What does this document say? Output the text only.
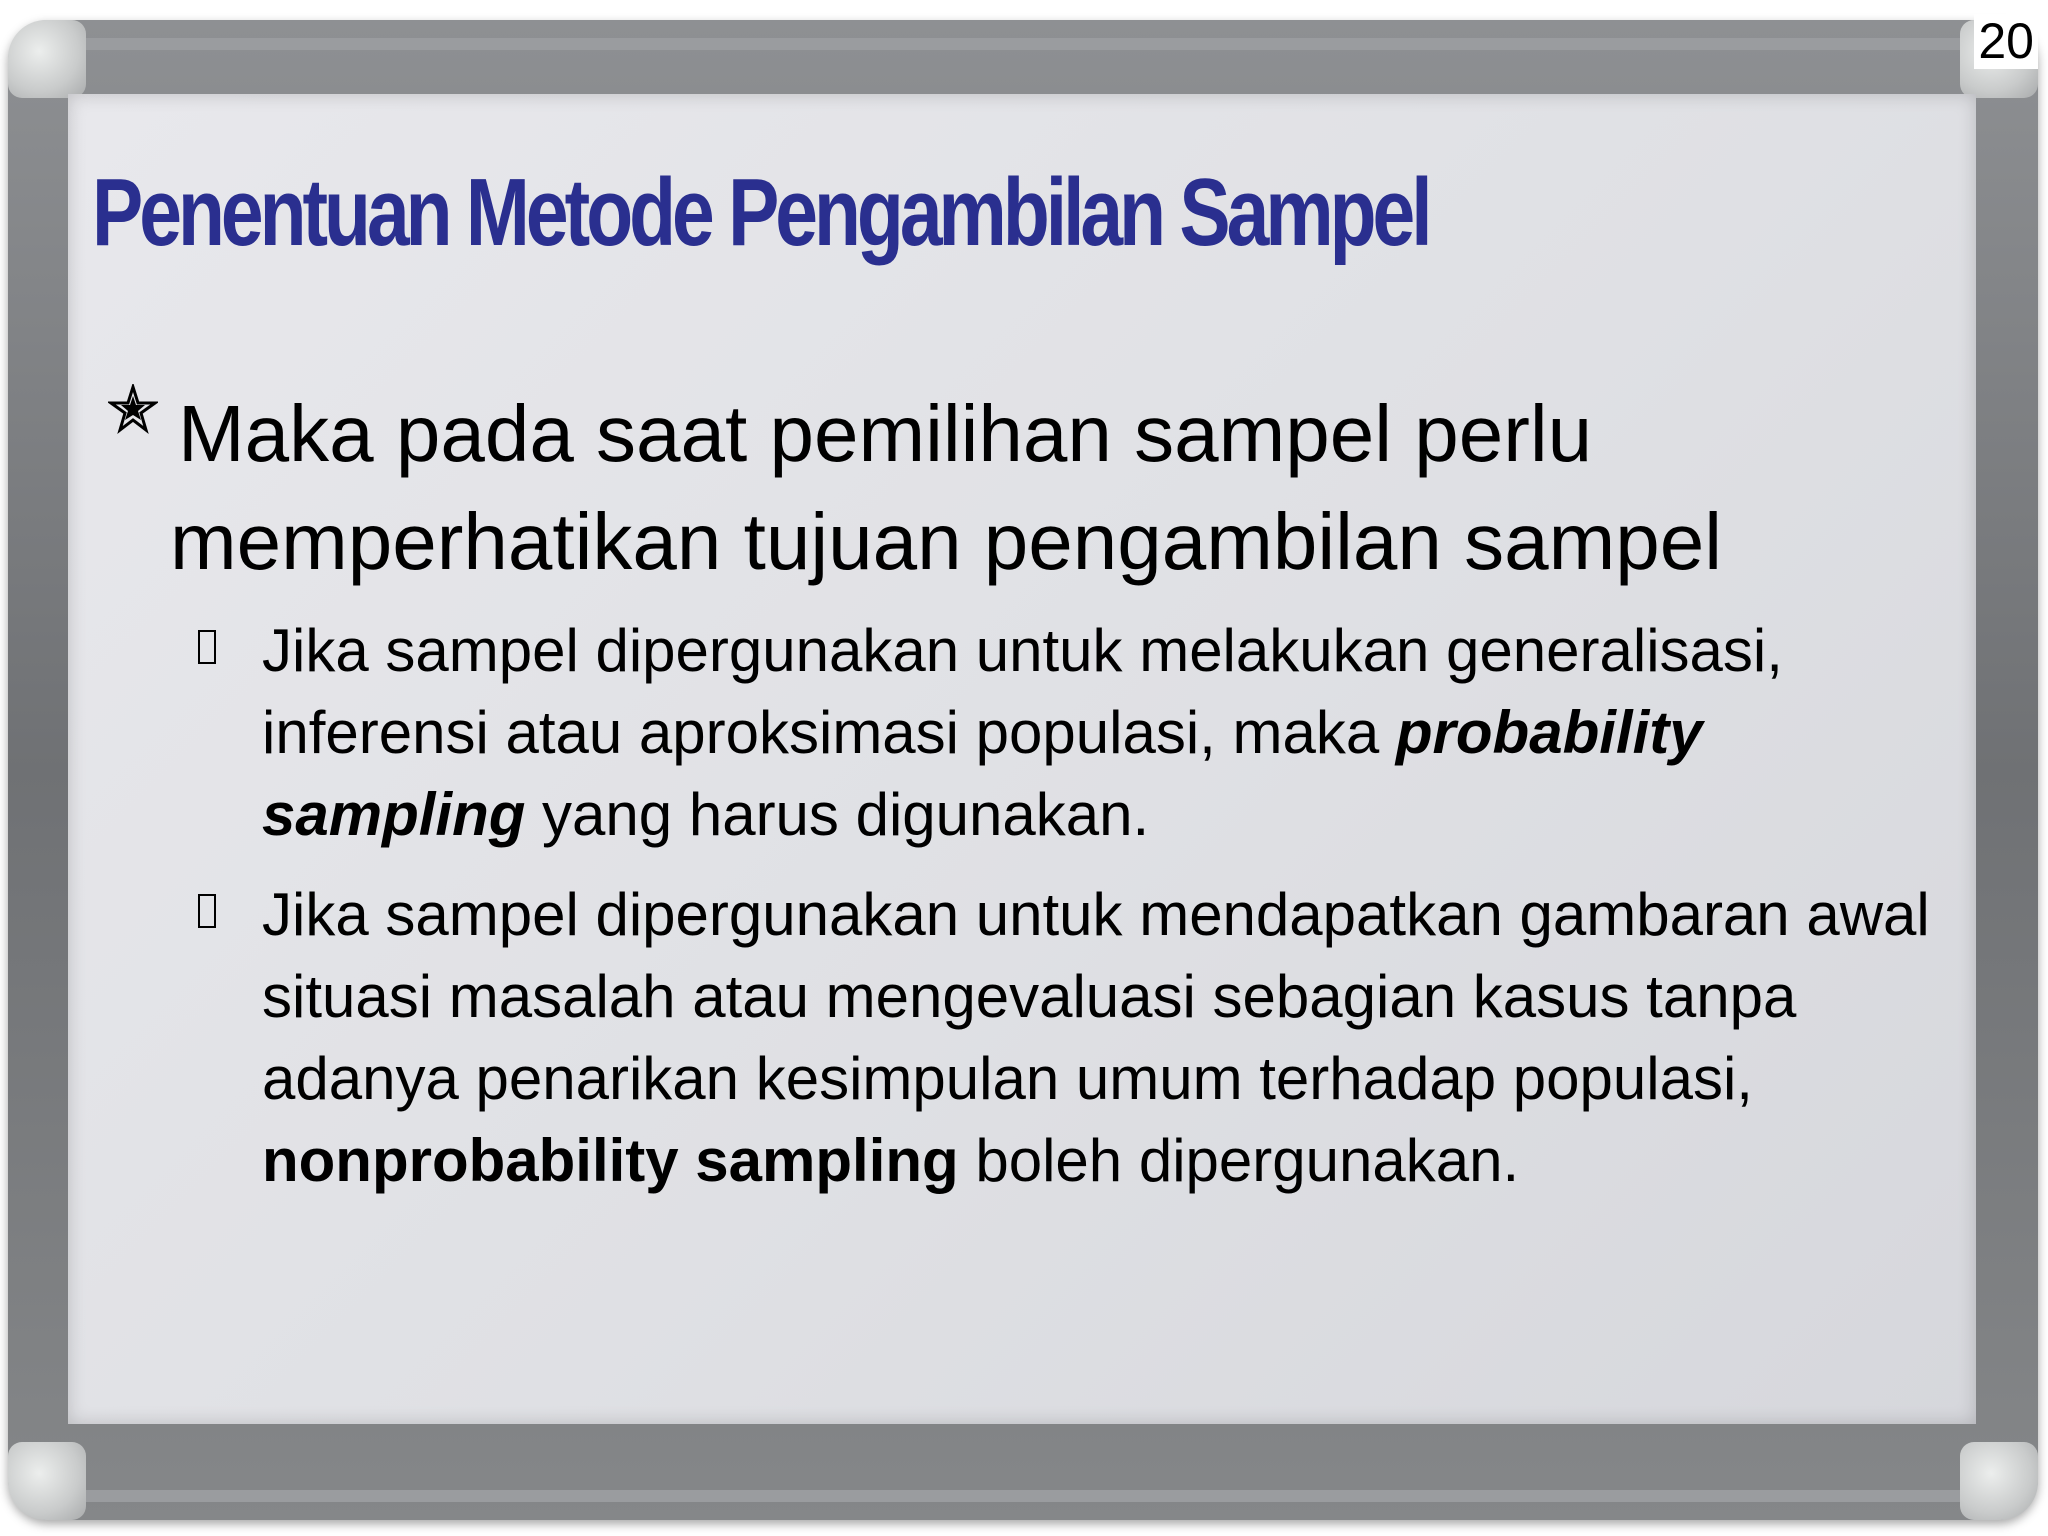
20
Penentuan Metode Pengambilan Sampel
Maka pada saat pemilihan sampel perlu
memperhatikan tujuan pengambilan sampel
Jika sampel dipergunakan untuk melakukan generalisasi, inferensi atau aproksimasi populasi, maka probability sampling yang harus digunakan.
Jika sampel dipergunakan untuk mendapatkan gambaran awal situasi masalah atau mengevaluasi sebagian kasus tanpa adanya penarikan kesimpulan umum terhadap populasi, nonprobability sampling boleh dipergunakan.
